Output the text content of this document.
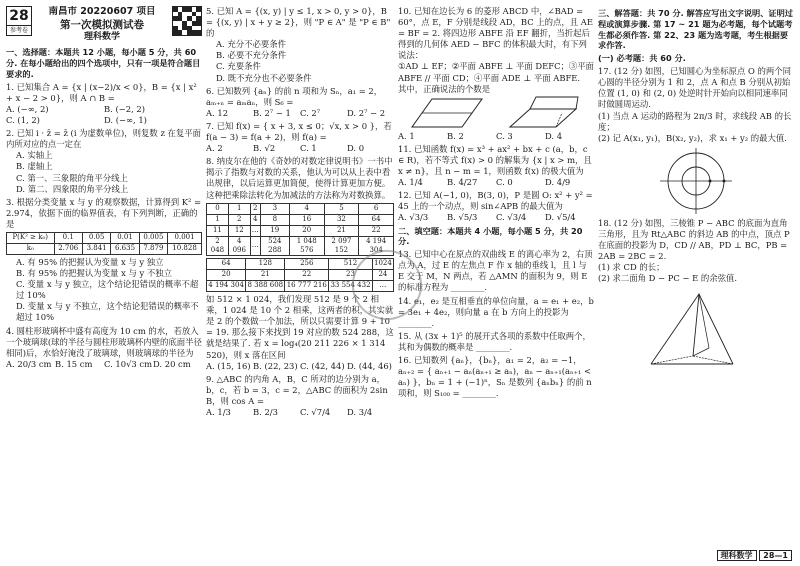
28
参考卷
南昌市 20220607 项目
第一次模拟测试卷
理科数学
一、选择题：本题共 12 小题，每小题 5 分，共 60 分. 在每小题给出的四个选项中，只有一项是符合题目要求的.
1. 已知集合 A = {x | (x−2)/x < 0}，B = {x | x² + x − 2 > 0}，则 A ∩ B =
A. (−∞, 2)	B. (−2, 2)
C. (1, 2)	D. (−∞, 1)
2. 已知 i · z̄ = z̄ (i 为虚数单位)，则复数 z 在复平面内所对应的点一定在
A. 实轴上
B. 虚轴上
C. 第一、三象限的角平分线上
D. 第二、四象限的角平分线上
3. 根据分类变量 x 与 y 的观察数据，计算得到 K² = 2.974，依据下面的临界值表，有下列判断，正确的是
P(K² ≥ k₀)	0.1	0.05	0.01	0.005	0.001
k₀	2.706	3.841	6.635	7.879	10.828
A. 有 95% 的把握认为变量 x 与 y 独立
B. 有 95% 的把握认为变量 x 与 y 不独立
C. 变量 x 与 y 独立，这个结论犯错误的概率不超过 10%
D. 变量 x 与 y 不独立，这个结论犯错误的概率不超过 10%
4. 圆柱形玻璃杯中盛有高度为 10 cm 的水，若放入一个玻璃球(球的半径与圆柱形玻璃杯内壁的底面半径相同)后，水恰好淹没了玻璃球，则玻璃球的半径为
A. 20/3 cm B. 15 cm	C. 10√3 cm D. 20 cm
5. 已知 A = {(x, y) | y ≤ 1, x > 0, y > 0}，B = {(x, y) | x + y ≥ 2}，则 "P ∈ A" 是 "P ∈ B" 的
A. 充分不必要条件
B. 必要不充分条件
C. 充要条件
D. 既不充分也不必要条件
6. 已知数列 {aₙ} 的前 n 项和为 Sₙ，a₁ = 2，aₘ₊ₙ = aₘaₙ，则 S₆ =
A. 12	B. 2⁷ − 1	C. 2⁷	D. 2⁷ − 2
7. 已知 f(x) = { x + 3, x ≤ 0；√x, x > 0 }，若 f(a − 3) = f(a + 2)，则 f(a) =
A. 2	B. √2	C. 1	D. 0
8. 纳皮尔在他的《奇妙的对数定律说明书》一书中揭示了指数与对数的关系，他认为可以从上表中看出规律，以后运算更加简便，使得计算更加方便。这种把乘除法转化为加减法的方法称为对数换算。
0	1	2	3	4	5	6
1	2	4	8	16	32	64
11	12	…	19	20	21	22
2 048	4 096	…	524 288	1 048 576	2 097 152	4 194 304
64	128	256	512	1024
20	21	22	23	24
4 194 304	8 388 608	16 777 216	33 554 432	…
如 512 × 1 024，我们发现 512 是 9 个 2 相乘，1 024 是 10 个 2 相乘，这两者的积，其实就是 2 的个数做一个加法，所以只需要计算 9 + 10 = 19. 那么接下来找到 19 对应的数 524 288，这就是结果了. 若 x = log₄(20 211 226 × 1 314 520)，则 x 落在区间
A. (15, 16) B. (22, 23) C. (42, 44) D. (44, 46)
9. △ABC 的内角 A，B，C 所对的边分别为 a，b，c，若 b = 3，c = 2，△ABC 的面积为 2sin B，则 cos A =
A. 1/3	B. 2/3	C. √7/4	D. 3/4
10. 已知在边长为 6 的菱形 ABCD 中，∠BAD = 60°，点 E，F 分别是线段 AD，BC 上的点，且 AE = BF = 2. 将四边形 ABFE 沿 EF 翻折，当折起后得到的几何体 AED − BFC 的体积最大时，有下列说法：
①AD ⊥ EF；②平面 ABFE ⊥ 平面 DEFC；③平面 ABFE // 平面 CD；④平面 ADE ⊥ 平面 ABFE.
其中，正确说法的个数是
A. 1	B. 2	C. 3	D. 4
11. 已知函数 f(x) = x³ + ax² + bx + c (a，b，c ∈ R)，若不等式 f(x) > 0 的解集为 {x | x > m，且 x ≠ n}，且 n − m = 1，则函数 f(x) 的极大值为
A. 1/4	B. 4/27	C. 0	D. 4/9
12. 已知 A(−1, 0)，B(3, 0)，P 是圆 O: x² + y² = 45 上的一个动点，则 sin∠APB 的最大值为
A. √3/3	B. √5/3	C. √3/4	D. √5/4
二、填空题：本题共 4 小题，每小题 5 分，共 20 分.
13. 已知中心在原点的双曲线 E 的离心率为 2，右顶点为 A，过 E 的左焦点 F 作 x 轴的垂线 l，且 l 与 E 交于 M，N 两点，若 △AMN 的面积为 9，则 E 的标准方程为 ________.
14. e₁，e₂ 是互相垂直的单位向量，a = e₁ + e₂，b = 3e₁ + 4e₂，则向量 a 在 b 方向上的投影为 ________.
15. 从 (3x + 1)⁵ 的展开式各项的系数中任取两个，其和为偶数的概率是 ________.
16. 已知数列 {aₙ}，{bₙ}，a₁ = 2，a₂ = −1，aₙ₊₂ = { aₙ₊₁ − aₙ(aₙ₊₁ ≥ aₙ)，aₙ − aₙ₊₁(aₙ₊₁ < aₙ) }，bₙ = 1 + (−1)ⁿ，Sₙ 是数列 {aₙbₙ} 的前 n 项和，则 S₁₀₀ = ________.
三、解答题：共 70 分. 解答应写出文字说明、证明过程或演算步骤. 第 17 ~ 21 题为必考题，每个试题考生都必须作答. 第 22、23 题为选考题，考生根据要求作答.
(一) 必考题：共 60 分.
17. (12 分) 如图，已知圆心为坐标原点 O 的两个同心圆的半径分别为 1 和 2，点 A 和点 B 分别从初始位置 (1, 0) 和 (2, 0) 处逆时针开始向以相同速率同时做圆周运动.
(1) 当点 A 运动的路程为 2π/3 时，求线段 AB 的长度；
(2) 记 A(x₁, y₁)，B(x₂, y₂)，求 x₁ + y₂ 的最大值.
18. (12 分) 如图，三棱锥 P − ABC 的底面为直角三角形，且为 Rt△ABC 的斜边 AB 的中点，顶点 P 在底面的投影为 D，CD // AB，PD ⊥ BC，PB = 2AB = 2BC = 2.
(1) 求 CD 的长；
(2) 求二面角 D − PC − E 的余弦值.
理科数学 28—1
